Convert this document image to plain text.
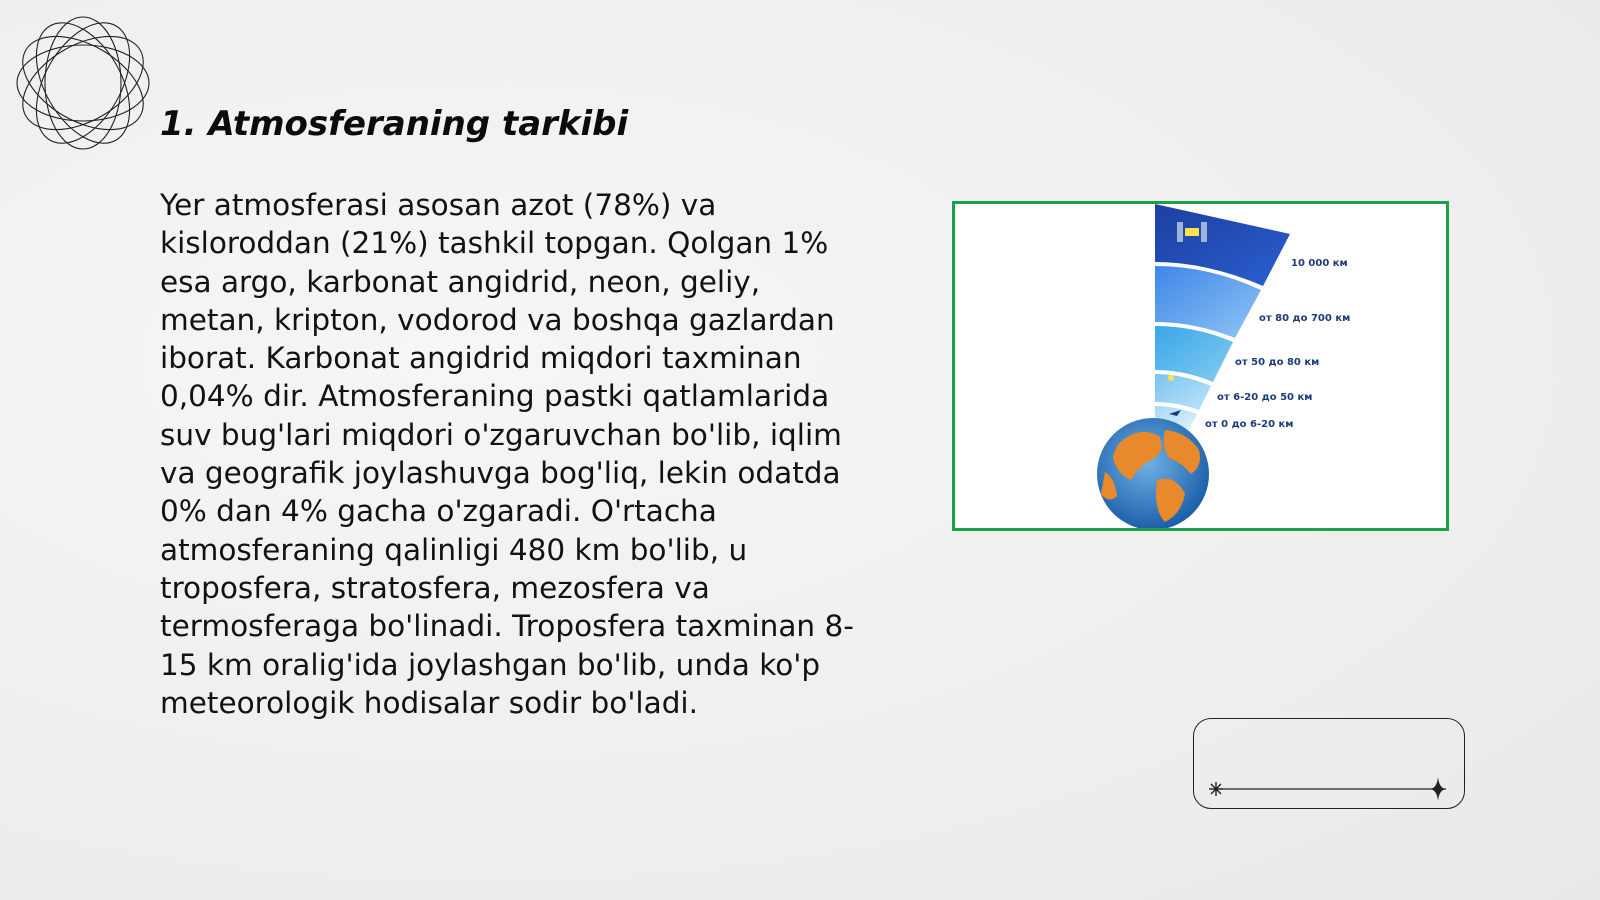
1. Atmosferaning tarkibi

Yer atmosferasi asosan azot (78%) va kisloroddan (21%) tashkil topgan. Qolgan 1% esa argo, karbonat angidrid, neon, geliy, metan, kripton, vodorod va boshqa gazlardan iborat. Karbonat angidrid miqdori taxminan 0,04% dir. Atmosferaning pastki qatlamlarida suv bug'lari miqdori o'zgaruvchan bo'lib, iqlim va geografik joylashuvga bog'liq, lekin odatda 0% dan 4% gacha o'zgaradi. O'rtacha atmosferaning qalinligi 480 km bo'lib, u troposfera, stratosfera, mezosfera va termosferaga bo'linadi. Troposfera taxminan 8-15 km oralig'ida joylashgan bo'lib, unda ko'p meteorologik hodisalar sodir bo'ladi.

10 000 км
от 80 до 700 км
от 50 до 80 км
от 6-20 до 50 км
от 0 до 6-20 км
